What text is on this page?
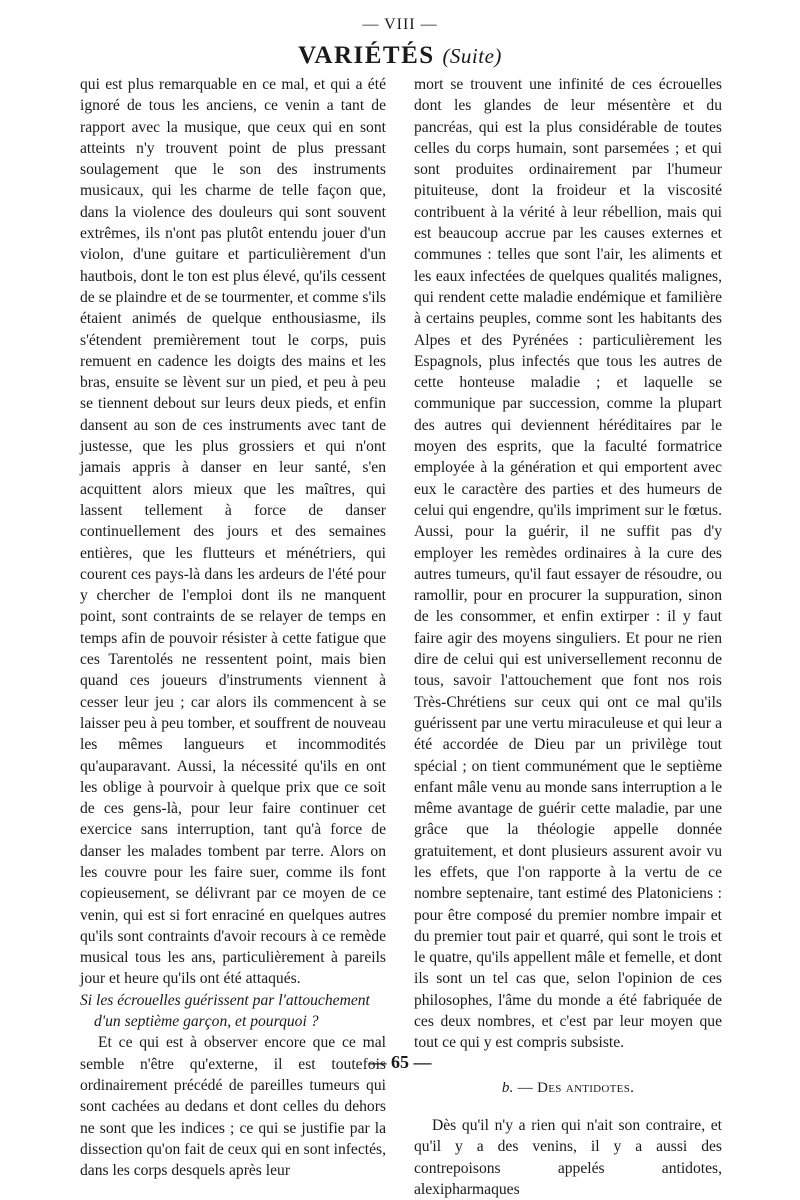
— VIII —
VARIÉTÉS (Suite)

qui est plus remarquable en ce mal, et qui a été ignoré de tous les anciens, ce venin a tant de rapport avec la musique, que ceux qui en sont atteints n'y trouvent point de plus pressant soulagement que le son des instruments musicaux, qui les charme de telle façon que, dans la violence des douleurs qui sont souvent extrêmes, ils n'ont pas plutôt entendu jouer d'un violon, d'une guitare et particulièrement d'un hautbois, dont le ton est plus élevé, qu'ils cessent de se plaindre et de se tourmenter, et comme s'ils étaient animés de quelque enthousiasme, ils s'étendent premièrement tout le corps, puis remuent en cadence les doigts des mains et les bras, ensuite se lèvent sur un pied, et peu à peu se tiennent debout sur leurs deux pieds, et enfin dansent au son de ces instruments avec tant de justesse, que les plus grossiers et qui n'ont jamais appris à danser en leur santé, s'en acquittent alors mieux que les maîtres, qui lassent tellement à force de danser continuellement des jours et des semaines entières, que les flutteurs et ménétriers, qui courent ces pays-là dans les ardeurs de l'été pour y chercher de l'emploi dont ils ne manquent point, sont contraints de se relayer de temps en temps afin de pouvoir résister à cette fatigue que ces Tarentolés ne ressentent point, mais bien quand ces joueurs d'instruments viennent à cesser leur jeu ; car alors ils commencent à se laisser peu à peu tomber, et souffrent de nouveau les mêmes langueurs et incommodités qu'auparavant. Aussi, la nécessité qu'ils en ont les oblige à pourvoir à quelque prix que ce soit de ces gens-là, pour leur faire continuer cet exercice sans interruption, tant qu'à force de danser les malades tombent par terre. Alors on les couvre pour les faire suer, comme ils font copieusement, se délivrant par ce moyen de ce venin, qui est si fort enraciné en quelques autres qu'ils sont contraints d'avoir recours à ce remède musical tous les ans, particulièrement à pareils jour et heure qu'ils ont été attaqués.

Si les écrouelles guérissent par l'attouchement
d'un septième garçon, et pourquoi ?

Et ce qui est à observer encore que ce mal semble n'être qu'externe, il est toutefois ordinairement précédé de pareilles tumeurs qui sont cachées au dedans et dont celles du dehors ne sont que les indices ; ce qui se justifie par la dissection qu'on fait de ceux qui en sont infectés, dans les corps desquels après leur

mort se trouvent une infinité de ces écrouelles dont les glandes de leur mésentère et du pancréas, qui est la plus considérable de toutes celles du corps humain, sont parsemées ; et qui sont produites ordinairement par l'humeur pituiteuse, dont la froideur et la viscosité contribuent à la vérité à leur rébellion, mais qui est beaucoup accrue par les causes externes et communes : telles que sont l'air, les aliments et les eaux infectées de quelques qualités malignes, qui rendent cette maladie endémique et familière à certains peuples, comme sont les habitants des Alpes et des Pyrénées : particulièrement les Espagnols, plus infectés que tous les autres de cette honteuse maladie ; et laquelle se communique par succession, comme la plupart des autres qui deviennent héréditaires par le moyen des esprits, que la faculté formatrice employée à la génération et qui emportent avec eux le caractère des parties et des humeurs de celui qui engendre, qu'ils impriment sur le fœtus. Aussi, pour la guérir, il ne suffit pas d'y employer les remèdes ordinaires à la cure des autres tumeurs, qu'il faut essayer de résoudre, ou ramollir, pour en procurer la suppuration, sinon de les consommer, et enfin extirper : il y faut faire agir des moyens singuliers. Et pour ne rien dire de celui qui est universellement reconnu de tous, savoir l'attouchement que font nos rois Très-Chrétiens sur ceux qui ont ce mal qu'ils guérissent par une vertu miraculeuse et qui leur a été accordée de Dieu par un privilège tout spécial ; on tient communément que le septième enfant mâle venu au monde sans interruption a le même avantage de guérir cette maladie, par une grâce que la théologie appelle donnée gratuitement, et dont plusieurs assurent avoir vu les effets, que l'on rapporte à la vertu de ce nombre septenaire, tant estimé des Platoniciens : pour être composé du premier nombre impair et du premier tout pair et quarré, qui sont le trois et le quatre, qu'ils appellent mâle et femelle, et dont ils sont un tel cas que, selon l'opinion de ces philosophes, l'âme du monde a été fabriquée de ces deux nombres, et c'est par leur moyen que tout ce qui y est compris subsiste.

b. — Des antidotes.

Dès qu'il n'y a rien qui n'ait son contraire, et qu'il y a des venins, il y a aussi des contrepoisons appelés antidotes, alexipharmaques

— 65 —
